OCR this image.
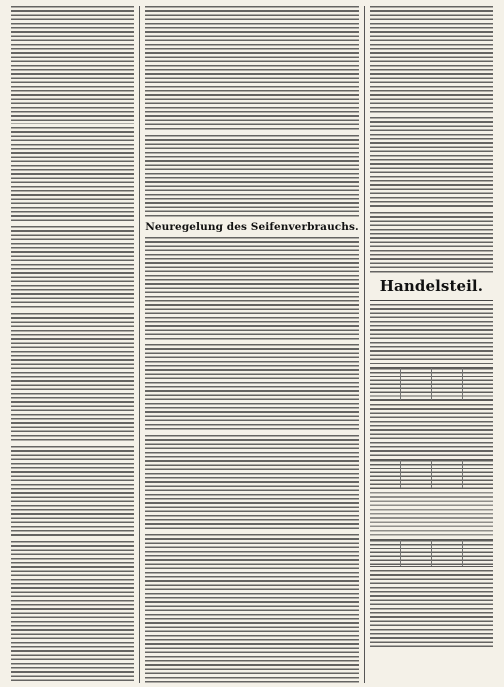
Neuregelung des Seifenverbrauchs.
Handelsteil.
